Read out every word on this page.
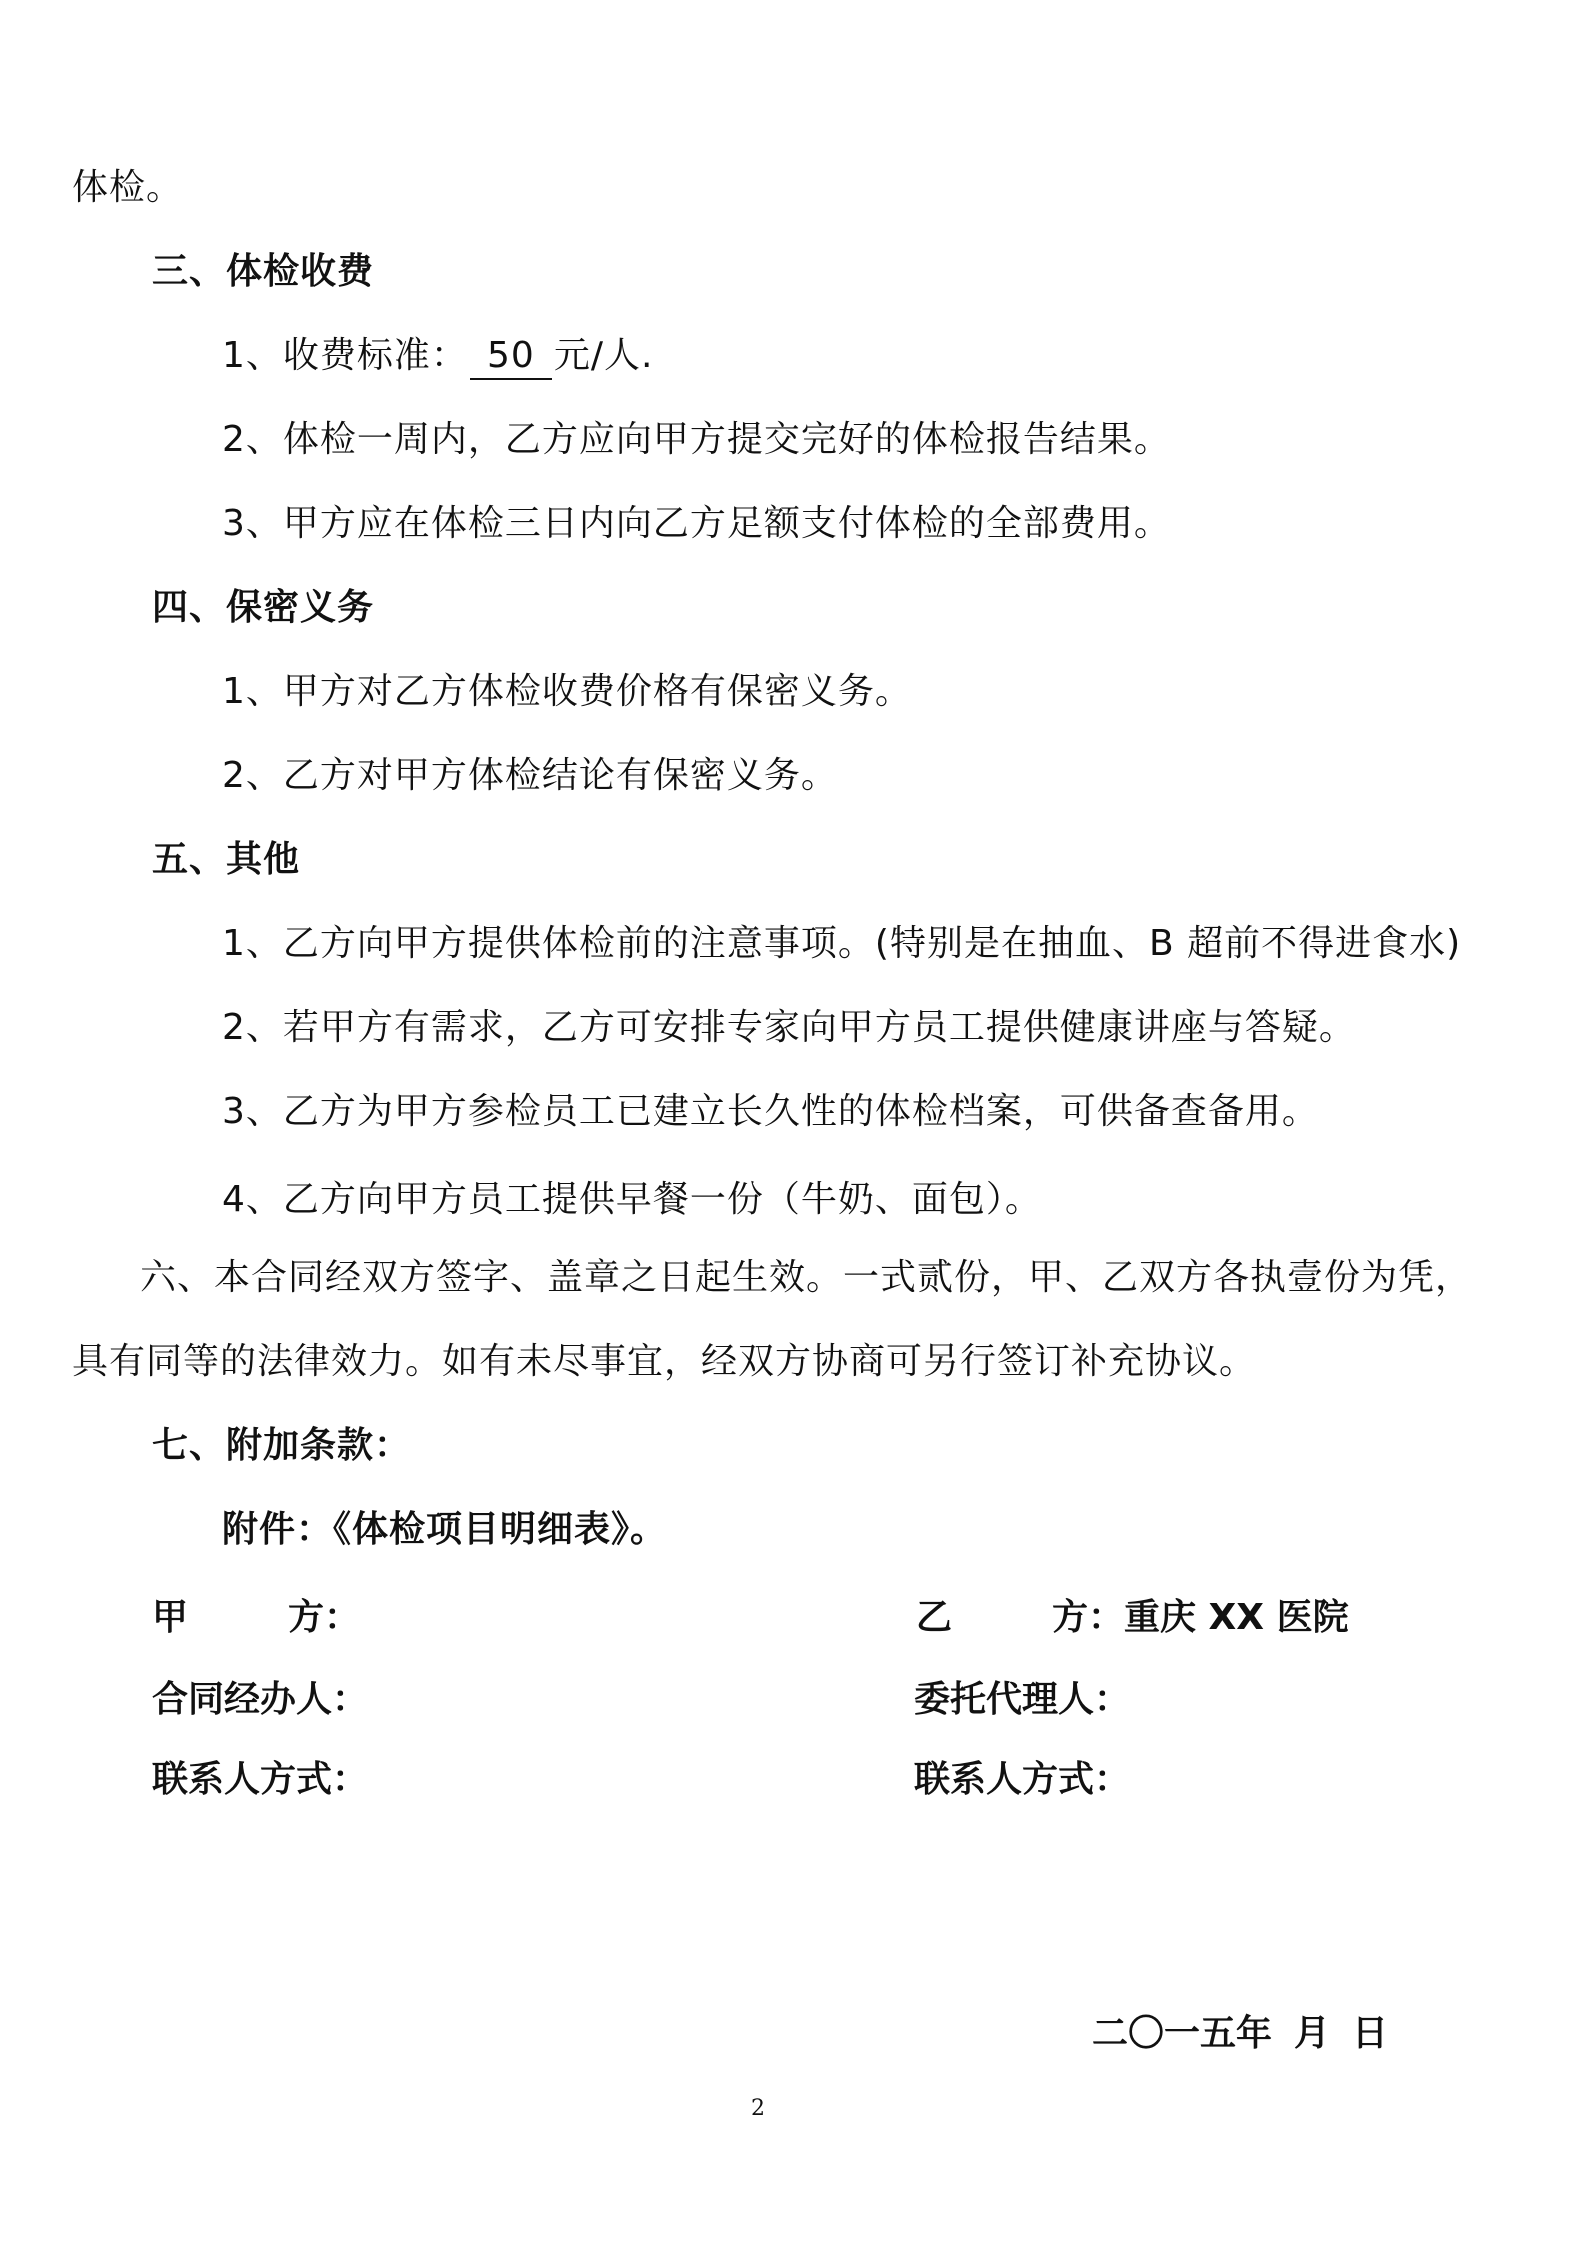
体检。
三、体检收费
1、收费标准： 50 元/人.
2、体检一周内，乙方应向甲方提交完好的体检报告结果。
3、甲方应在体检三日内向乙方足额支付体检的全部费用。
四、保密义务
1、甲方对乙方体检收费价格有保密义务。
2、乙方对甲方体检结论有保密义务。
五、其他
1、乙方向甲方提供体检前的注意事项。(特别是在抽血、B 超前不得进食水)
2、若甲方有需求，乙方可安排专家向甲方员工提供健康讲座与答疑。
3、乙方为甲方参检员工已建立长久性的体检档案，可供备查备用。
4、乙方向甲方员工提供早餐一份（牛奶、面包）。
六、本合同经双方签字、盖章之日起生效。一式贰份，甲、乙双方各执壹份为凭，
具有同等的法律效力。如有未尽事宜，经双方协商可另行签订补充协议。
七、附加条款：
附件：《体检项目明细表》。
甲	方：	乙	方：重庆 XX 医院
合同经办人：	委托代理人：
联系人方式：	联系人方式：
二〇一五年 月 日
2
